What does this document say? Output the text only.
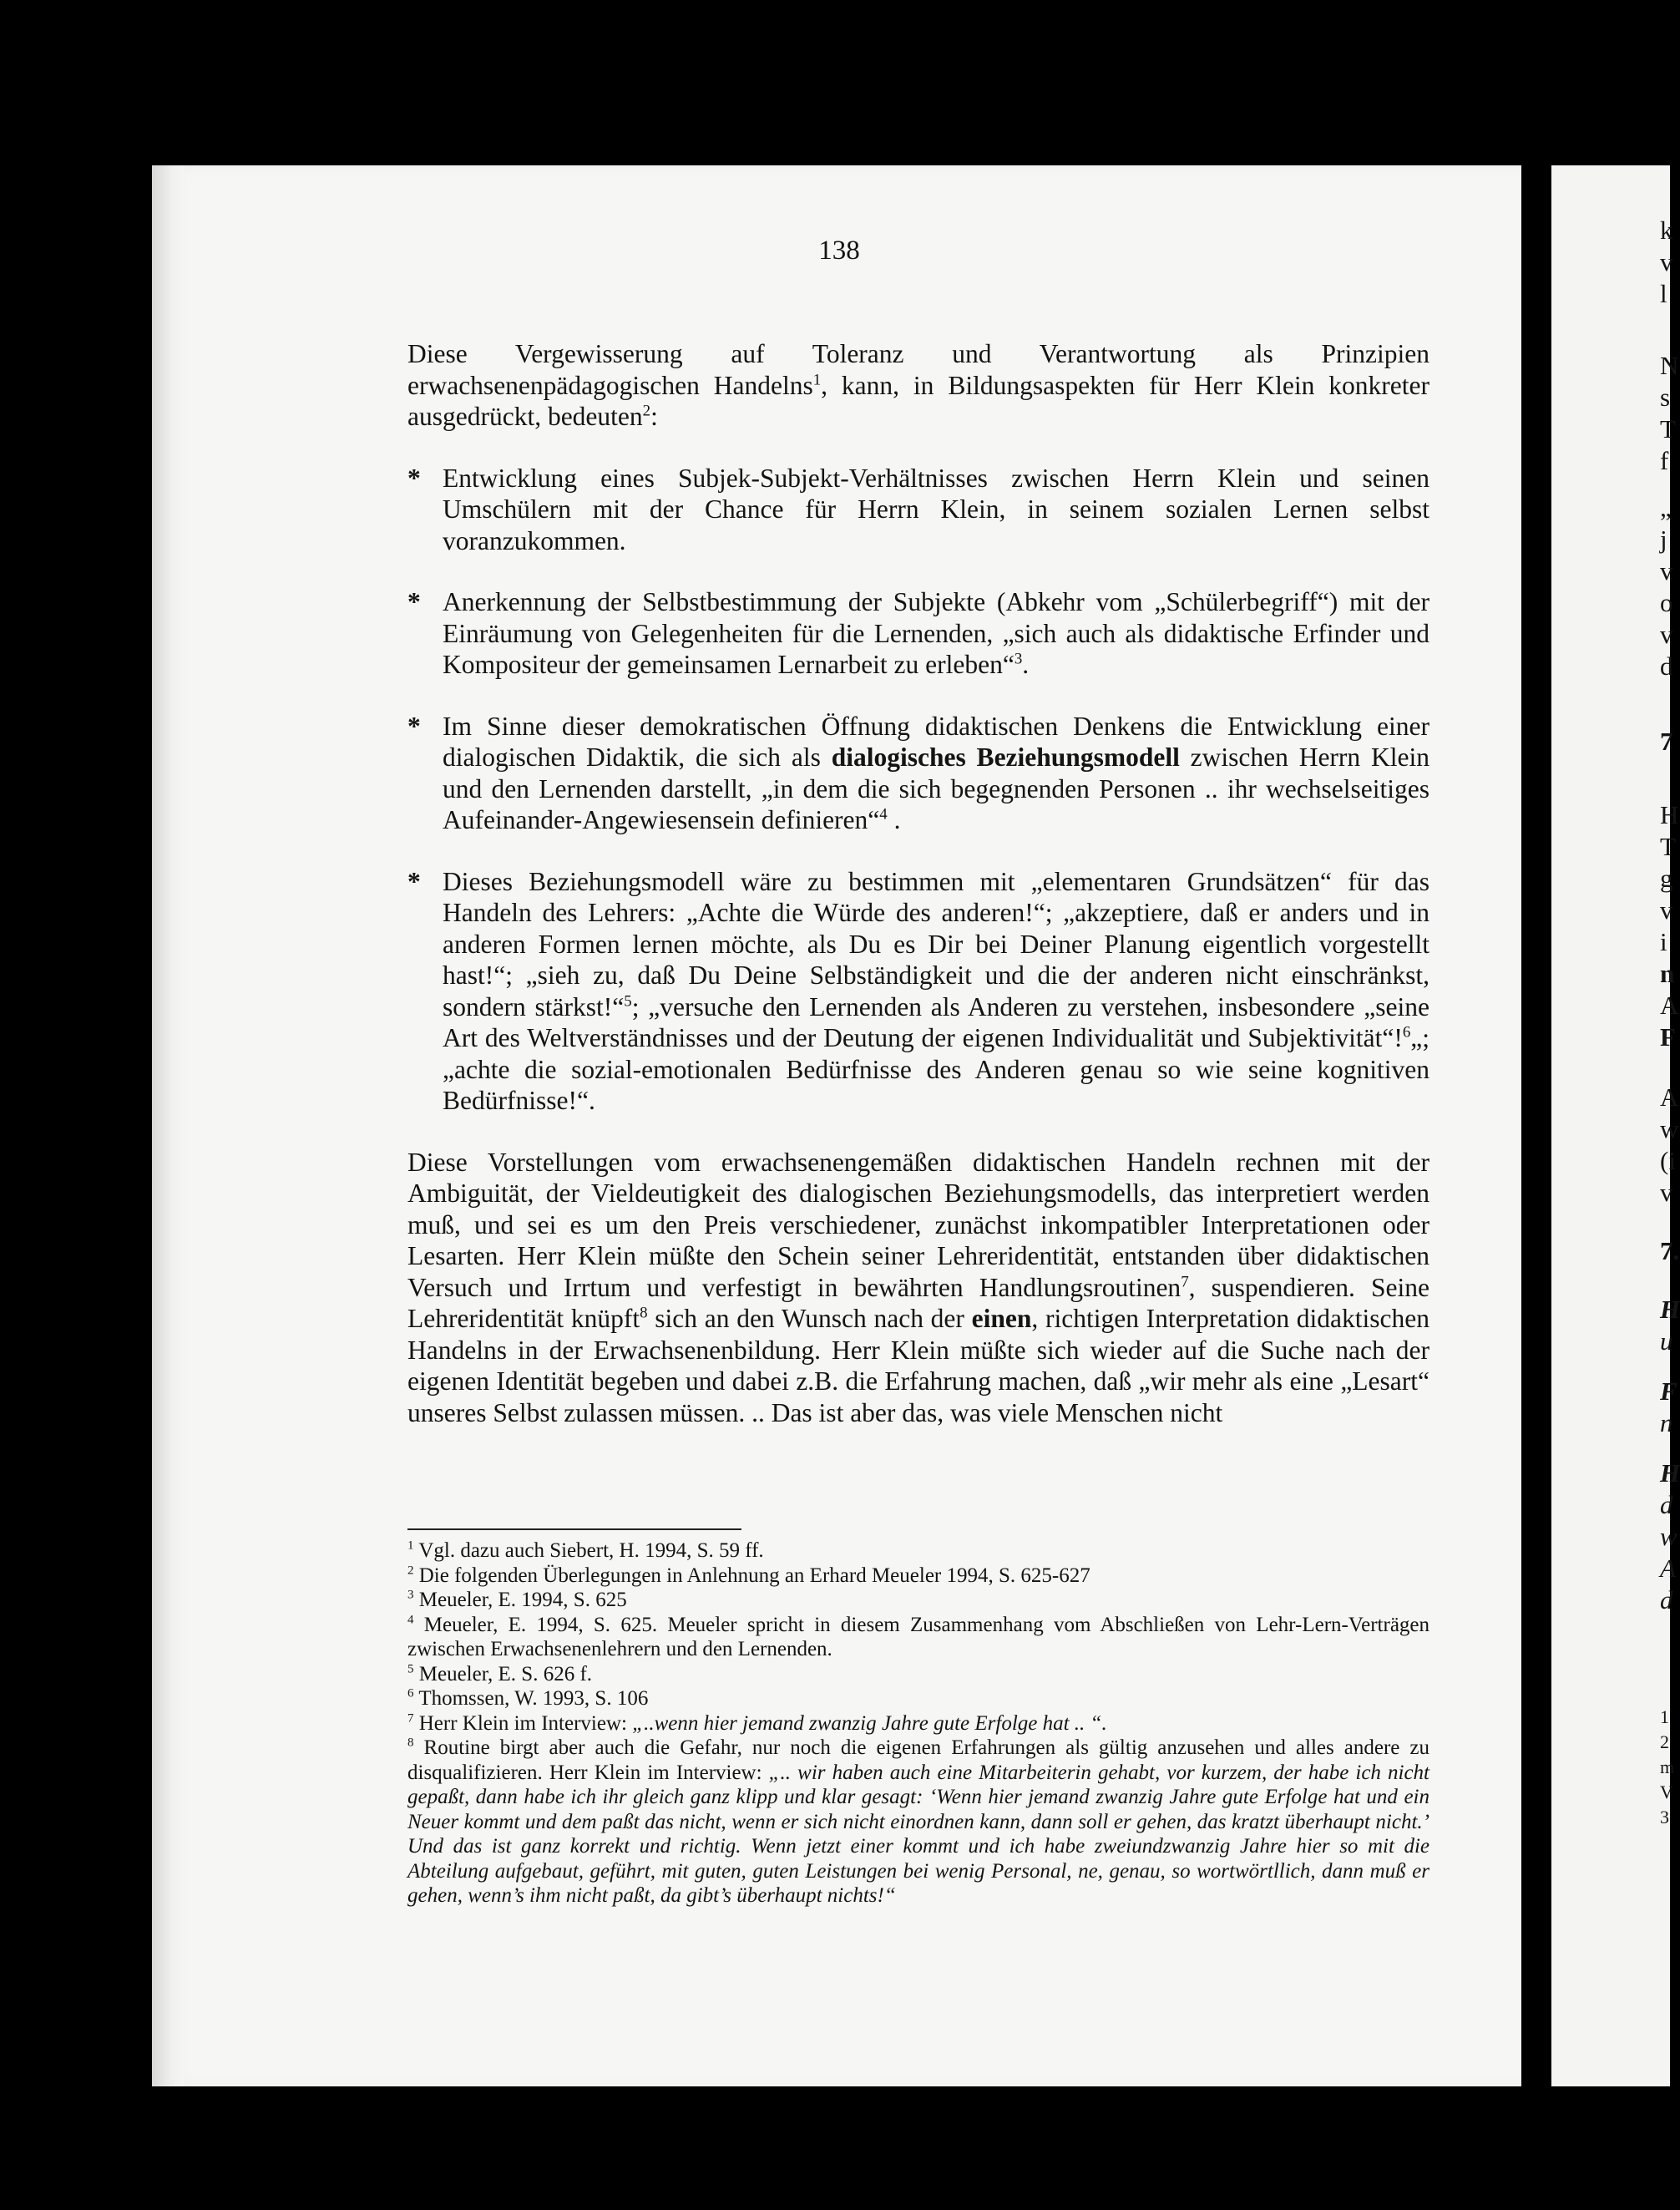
k
v
l
N
s
T
f
„
j
v
o
v
d
7
H
T
g
v
i
n
A
F
A
w
(i
v
7.
H
u
F
n
H
d
w
A
d
1
2
m
V
3
138

Diese Vergewisserung auf Toleranz und Verantwortung als Prinzipien erwachsenenpädagogischen Handelns$^1$, kann, in Bildungsaspekten für Herr Klein konkreter ausgedrückt, bedeuten$^2$:

* Entwicklung eines Subjek-Subjekt-Verhältnisses zwischen Herrn Klein und seinen Umschülern mit der Chance für Herrn Klein, in seinem sozialen Lernen selbst voranzukommen.

* Anerkennung der Selbstbestimmung der Subjekte (Abkehr vom „Schülerbegriff“) mit der Einräumung von Gelegenheiten für die Lernenden, „sich auch als didaktische Erfinder und Kompositeur der gemeinsamen Lernarbeit zu erleben“$^3$.

* Im Sinne dieser demokratischen Öffnung didaktischen Denkens die Entwicklung einer dialogischen Didaktik, die sich als dialogisches Beziehungsmodell zwischen Herrn Klein und den Lernenden darstellt, „in dem die sich begegnenden Personen .. ihr wechselseitiges Aufeinander-Angewiesensein definieren“$^4$ .

* Dieses Beziehungsmodell wäre zu bestimmen mit „elementaren Grundsätzen“ für das Handeln des Lehrers: „Achte die Würde des anderen!“; „akzeptiere, daß er anders und in anderen Formen lernen möchte, als Du es Dir bei Deiner Planung eigentlich vorgestellt hast!“; „sieh zu, daß Du Deine Selbständigkeit und die der anderen nicht einschränkst, sondern stärkst!“$^5$; „versuche den Lernenden als Anderen zu verstehen, insbesondere „seine Art des Weltverständnisses und der Deutung der eigenen Individualität und Subjektivität“!$^6$„; „achte die sozial-emotionalen Bedürfnisse des Anderen genau so wie seine kognitiven Bedürfnisse!“.

Diese Vorstellungen vom erwachsenengemäßen didaktischen Handeln rechnen mit der Ambiguität, der Vieldeutigkeit des dialogischen Beziehungsmodells, das interpretiert werden muß, und sei es um den Preis verschiedener, zunächst inkompatibler Interpretationen oder Lesarten. Herr Klein müßte den Schein seiner Lehreridentität, entstanden über didaktischen Versuch und Irrtum und verfestigt in bewährten Handlungsroutinen$^7$, suspendieren. Seine Lehreridentität knüpft$^8$ sich an den Wunsch nach der einen, richtigen Interpretation didaktischen Handelns in der Erwachsenenbildung. Herr Klein müßte sich wieder auf die Suche nach der eigenen Identität begeben und dabei z.B. die Erfahrung machen, daß „wir mehr als eine „Lesart“ unseres Selbst zulassen müssen. .. Das ist aber das, was viele Menschen nicht

$^1$ Vgl. dazu auch Siebert, H. 1994, S. 59 ff.

$^2$ Die folgenden Überlegungen in Anlehnung an Erhard Meueler 1994, S. 625-627

$^3$ Meueler, E. 1994, S. 625

$^4$ Meueler, E. 1994, S. 625. Meueler spricht in diesem Zusammenhang vom Abschließen von Lehr-Lern-Verträgen zwischen Erwachsenenlehrern und den Lernenden.

$^5$ Meueler, E. S. 626 f.

$^6$ Thomssen, W. 1993, S. 106

$^7$ Herr Klein im Interview: „..wenn hier jemand zwanzig Jahre gute Erfolge hat .. “.

$^8$ Routine birgt aber auch die Gefahr, nur noch die eigenen Erfahrungen als gültig anzusehen und alles andere zu disqualifizieren. Herr Klein im Interview: „.. wir haben auch eine Mitarbeiterin gehabt, vor kurzem, der habe ich nicht gepaßt, dann habe ich ihr gleich ganz klipp und klar gesagt: ‘Wenn hier jemand zwanzig Jahre gute Erfolge hat und ein Neuer kommt und dem paßt das nicht, wenn er sich nicht einordnen kann, dann soll er gehen, das kratzt überhaupt nicht.’ Und das ist ganz korrekt und richtig. Wenn jetzt einer kommt und ich habe zweiundzwanzig Jahre hier so mit die Abteilung aufgebaut, geführt, mit guten, guten Leistungen bei wenig Personal, ne, genau, so wortwörtllich, dann muß er gehen, wenn’s ihm nicht paßt, da gibt’s überhaupt nichts!“
